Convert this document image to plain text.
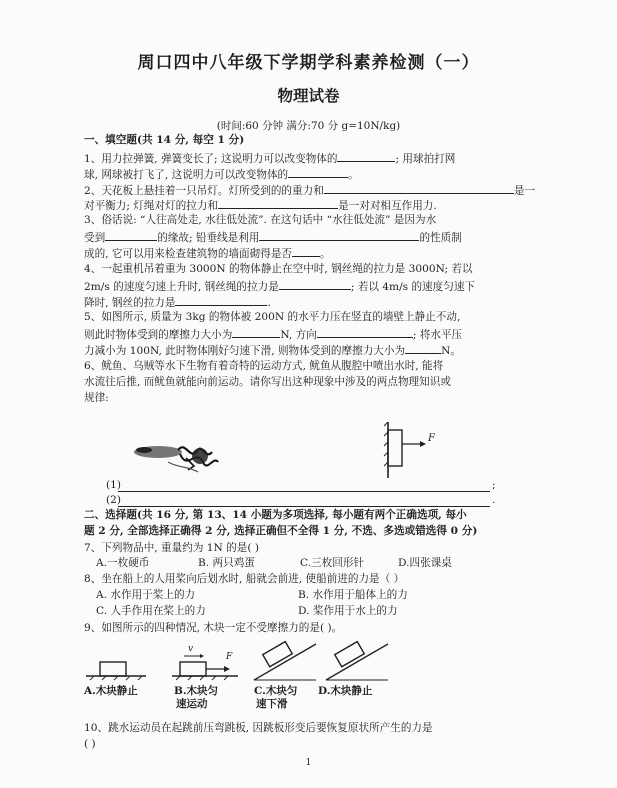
周口四中八年级下学期学科素养检测（一）
物理试卷
(时间:60 分钟 满分:70 分 g=10N/kg)
一、填空题(共 14 分, 每空 1 分)
1、用力拉弹簧, 弹簧变长了; 这说明力可以改变物体的	; 用球拍打网
球, 网球被打飞了, 这说明力可以改变物体的	。
2、天花板上悬挂着一只吊灯。灯所受到的的重力和	是一
对平衡力; 灯绳对灯的拉力和	是一对对相互作用力.
3、俗话说: “人往高处走, 水往低处流”. 在这句话中 “水往低处流” 是因为水
受到	的缘故; 铅垂线是利用	的性质制
成的, 它可以用来检查建筑物的墙面砌得是否	。
4、一起重机吊着重为 3000N 的物体静止在空中时, 钢丝绳的拉力是 3000N; 若以
2m/s 的速度匀速上升时, 钢丝绳的拉力是	; 若以 4m/s 的速度匀速下
降时, 钢丝的拉力是	.
5、如图所示, 质量为 3kg 的物体被 200N 的水平力压在竖直的墙壁上静止不动,
则此时物体受到的摩擦力大小为	N, 方向	; 将水平压
力减小为 100N, 此时物体刚好匀速下滑, 则物体受到的摩擦力大小为	N。
6、鱿鱼、乌贼等水下生物有着奇特的运动方式, 鱿鱼从腹腔中喷出水时, 能将
水流往后推, 而鱿鱼就能向前运动。请你写出这种现象中涉及的两点物理知识或
规律:
F
(1)	;
(2)	.
二、选择题(共 16 分, 第 13、14 小题为多项选择, 每小题有两个正确选项, 每小
题 2 分, 全部选择正确得 2 分, 选择正确但不全得 1 分, 不选、多选或错选得 0 分)
7、下列物品中, 重量约为 1N 的是( )
A.一枚硬币	B. 两只鸡蛋	C.三枚回形针	D.四张课桌
8、坐在船上的人用桨向后划水时, 船就会前进, 使船前进的力是（ ）
A. 水作用于桨上的力	B. 水作用于船体上的力
C. 人手作用在桨上的力	D. 桨作用于水上的力
9、如图所示的四种情况, 木块一定不受摩擦力的是( )。
v
F
A.木块静止	B.木块匀
速运动
C.木块匀
速下滑
D.木块静止
10、跳水运动员在起跳前压弯跳板, 因跳板形变后要恢复原状所产生的力是
( )
1
